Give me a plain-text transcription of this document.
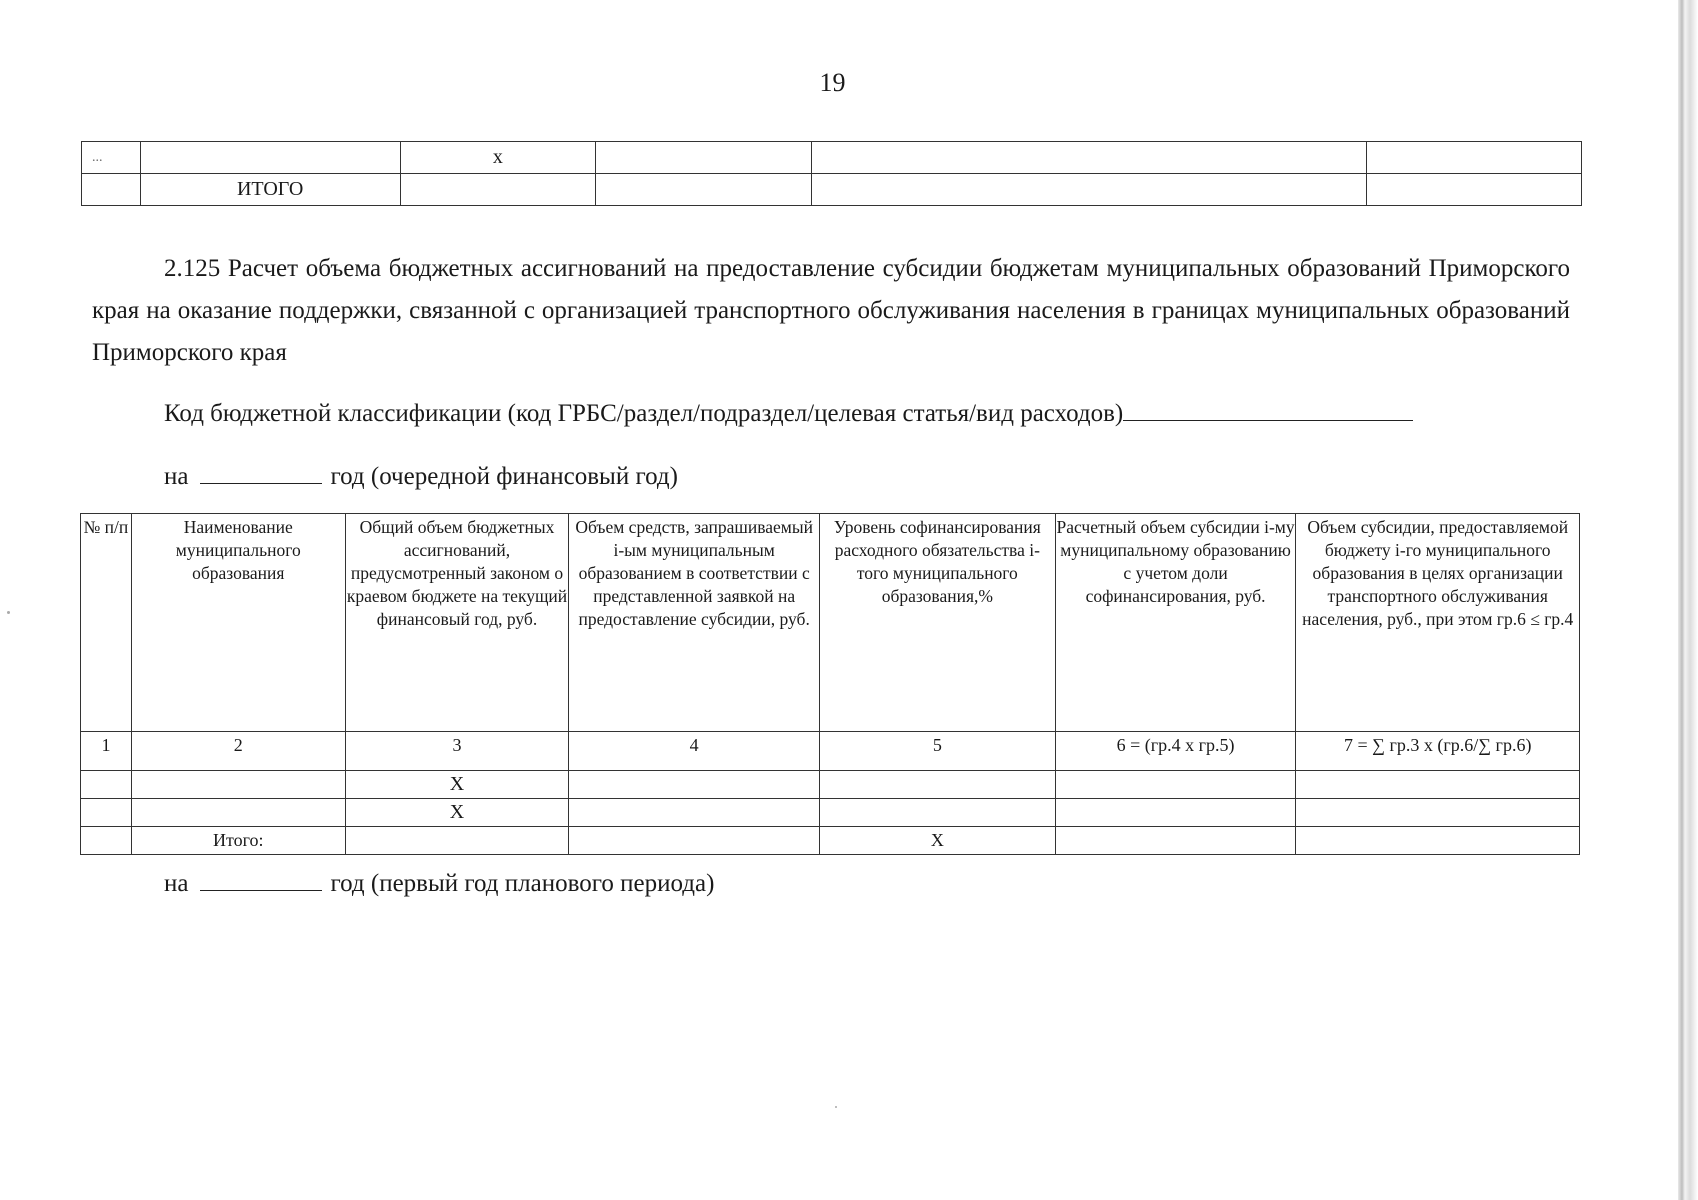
19
...		x			
	ИТОГО				
2.125 Расчет объема бюджетных ассигнований на предоставление субсидии бюджетам муниципальных образований Приморского края на оказание поддержки, связанной с организацией транспортного обслуживания населения в границах муниципальных образований Приморского края
Код бюджетной классификации (код ГРБС/раздел/подраздел/целевая статья/вид расходов)
на	год (очередной финансовый год)
№ п/п	Наименование муниципального образования	Общий объем бюджетных ассигнований, предусмотренный законом о краевом бюджете на текущий финансовый год, руб.	Объем средств, запрашиваемый i-ым муниципальным образованием в соответствии с представленной заявкой на предоставление субсидии, руб.	Уровень софинансирования расходного обязательства i-того муниципального образования,%	Расчетный объем субсидии i-му муниципальному образованию с учетом доли софинансирования, руб.	Объем субсидии, предоставляемой бюджету i-го муниципального образования в целях организации транспортного обслуживания населения, руб., при этом гр.6 ≤ гр.4
1	2	3	4	5	6 = (гр.4 х гр.5)	7 = ∑ гр.3 х (гр.6/∑ гр.6)
		Х				
		Х				
	Итого:			Х		
на	год (первый год планового периода)
